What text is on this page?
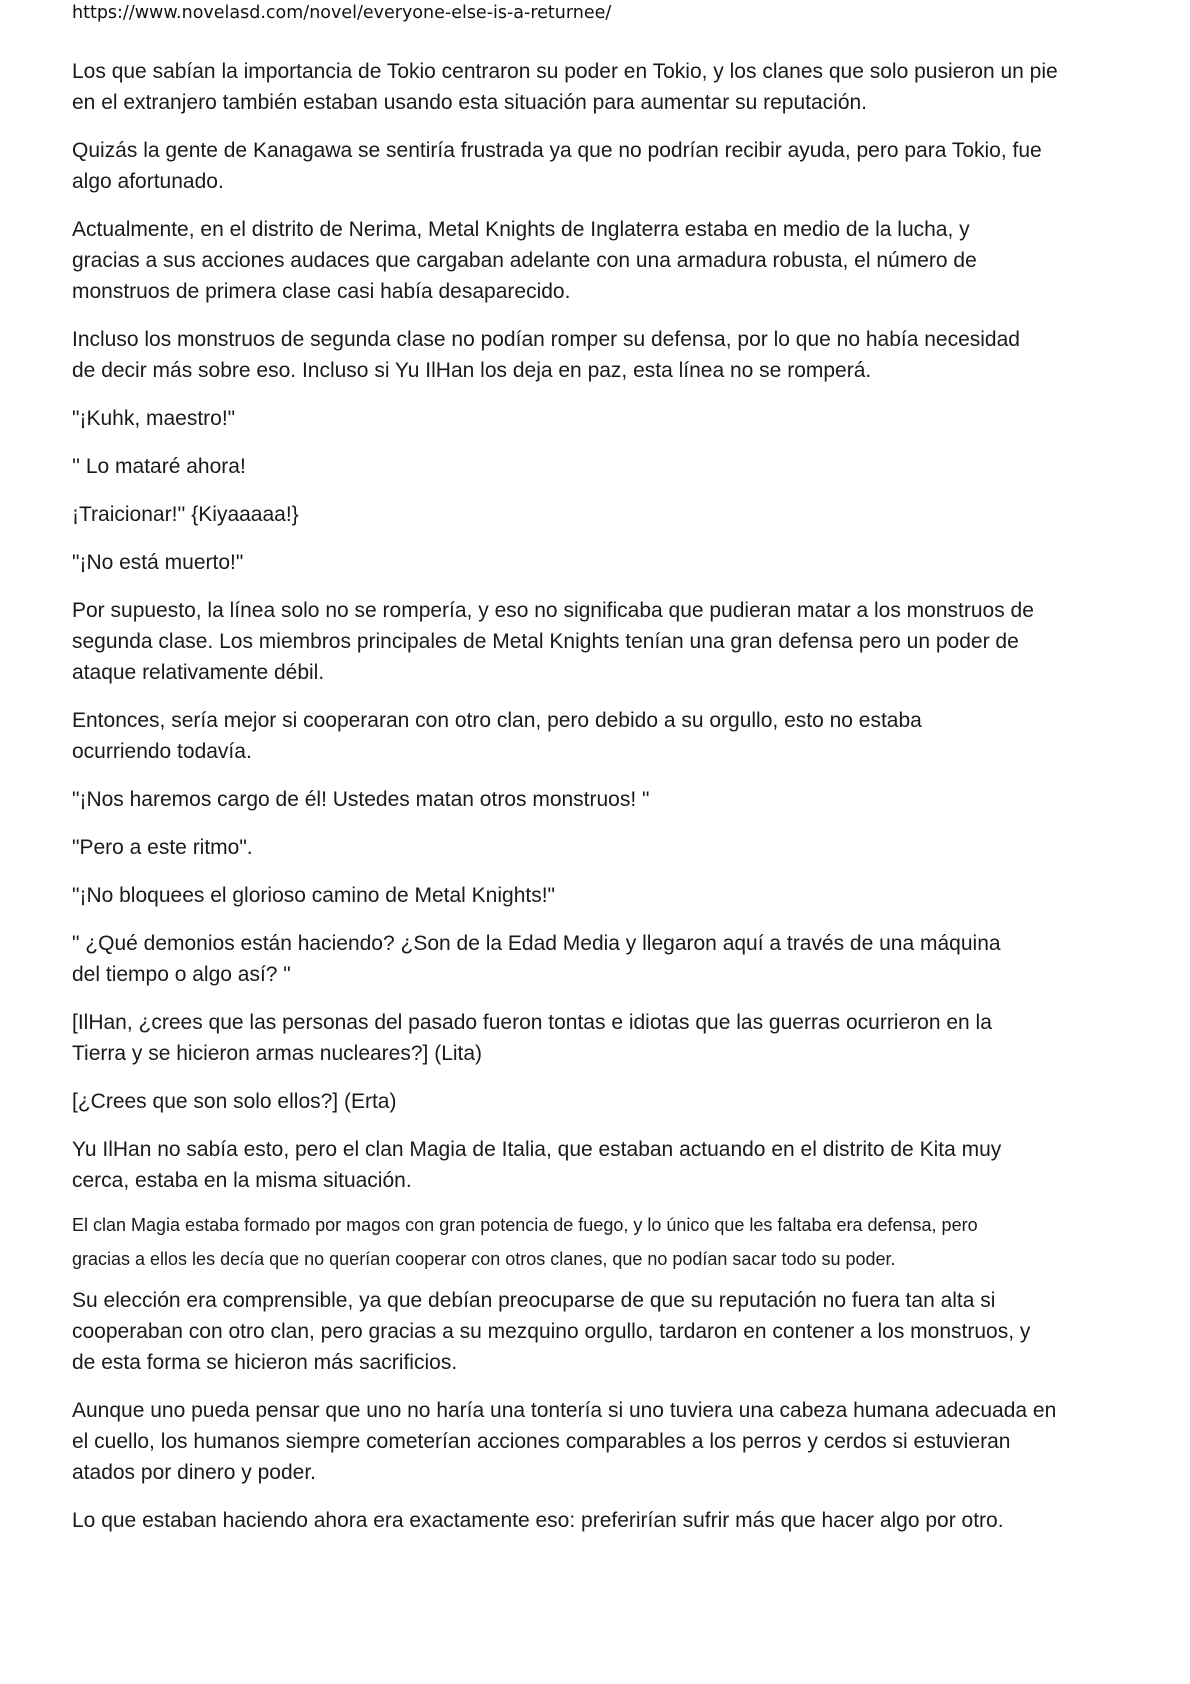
https://www.novelasd.com/novel/everyone-else-is-a-returnee/

Los que sabían la importancia de Tokio centraron su poder en Tokio, y los clanes que solo pusieron un pie
en el extranjero también estaban usando esta situación para aumentar su reputación.

Quizás la gente de Kanagawa se sentiría frustrada ya que no podrían recibir ayuda, pero para Tokio, fue
algo afortunado.

Actualmente, en el distrito de Nerima, Metal Knights de Inglaterra estaba en medio de la lucha, y
gracias a sus acciones audaces que cargaban adelante con una armadura robusta, el número de
monstruos de primera clase casi había desaparecido.

Incluso los monstruos de segunda clase no podían romper su defensa, por lo que no había necesidad
de decir más sobre eso. Incluso si Yu IlHan los deja en paz, esta línea no se romperá.

"¡Kuhk, maestro!"

'' Lo mataré ahora!

¡Traicionar!'' {Kiyaaaaa!}

"¡No está muerto!"

Por supuesto, la línea solo no se rompería, y eso no significaba que pudieran matar a los monstruos de
segunda clase. Los miembros principales de Metal Knights tenían una gran defensa pero un poder de
ataque relativamente débil.

Entonces, sería mejor si cooperaran con otro clan, pero debido a su orgullo, esto no estaba
ocurriendo todavía.

"¡Nos haremos cargo de él! Ustedes matan otros monstruos! "

"Pero a este ritmo".

"¡No bloquees el glorioso camino de Metal Knights!"

" ¿Qué demonios están haciendo? ¿Son de la Edad Media y llegaron aquí a través de una máquina
del tiempo o algo así? "

[IlHan, ¿crees que las personas del pasado fueron tontas e idiotas que las guerras ocurrieron en la
Tierra y se hicieron armas nucleares?] (Lita)

[¿Crees que son solo ellos?] (Erta)

Yu IlHan no sabía esto, pero el clan Magia de Italia, que estaban actuando en el distrito de Kita muy
cerca, estaba en la misma situación.

El clan Magia estaba formado por magos con gran potencia de fuego, y lo único que les faltaba era defensa, pero
gracias a ellos les decía que no querían cooperar con otros clanes, que no podían sacar todo su poder.

Su elección era comprensible, ya que debían preocuparse de que su reputación no fuera tan alta si
cooperaban con otro clan, pero gracias a su mezquino orgullo, tardaron en contener a los monstruos, y
de esta forma se hicieron más sacrificios.

Aunque uno pueda pensar que uno no haría una tontería si uno tuviera una cabeza humana adecuada en
el cuello, los humanos siempre cometerían acciones comparables a los perros y cerdos si estuvieran
atados por dinero y poder.

Lo que estaban haciendo ahora era exactamente eso: preferirían sufrir más que hacer algo por otro.
